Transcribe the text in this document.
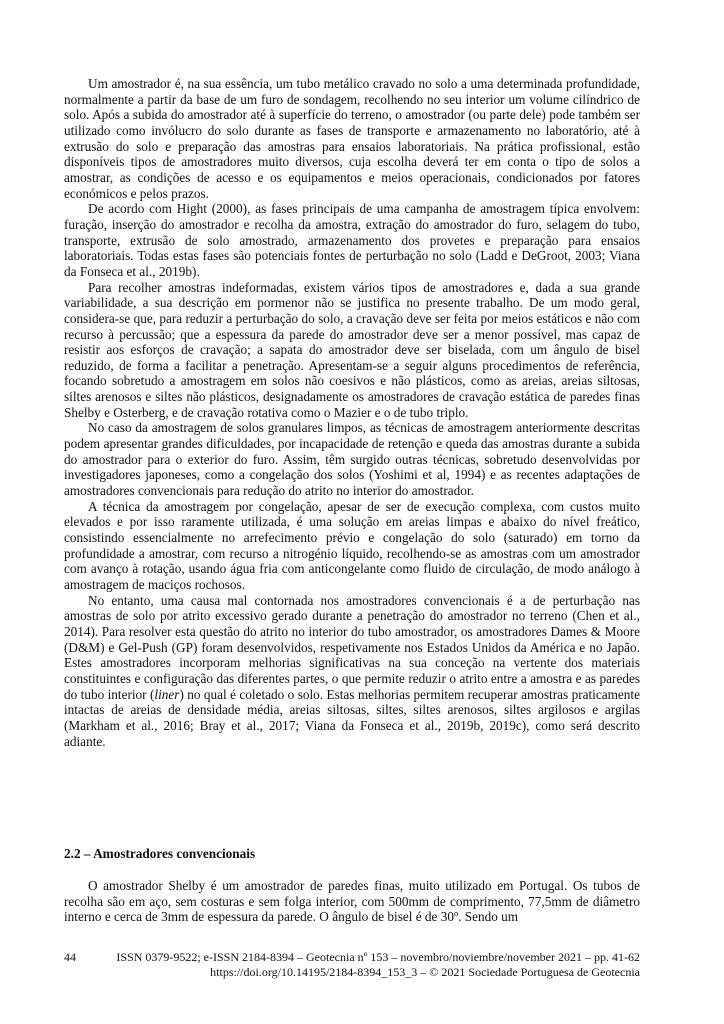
Um amostrador é, na sua essência, um tubo metálico cravado no solo a uma determinada profundidade, normalmente a partir da base de um furo de sondagem, recolhendo no seu interior um volume cilíndrico de solo. Após a subida do amostrador até à superfície do terreno, o amostrador (ou parte dele) pode também ser utilizado como invólucro do solo durante as fases de transporte e armazenamento no laboratório, até à extrusão do solo e preparação das amostras para ensaios laboratoriais. Na prática profissional, estão disponíveis tipos de amostradores muito diversos, cuja escolha deverá ter em conta o tipo de solos a amostrar, as condições de acesso e os equipamentos e meios operacionais, condicionados por fatores económicos e pelos prazos.

De acordo com Hight (2000), as fases principais de uma campanha de amostragem típica envolvem: furação, inserção do amostrador e recolha da amostra, extração do amostrador do furo, selagem do tubo, transporte, extrusão de solo amostrado, armazenamento dos provetes e preparação para ensaios laboratoriais. Todas estas fases são potenciais fontes de perturbação no solo (Ladd e DeGroot, 2003; Viana da Fonseca et al., 2019b).

Para recolher amostras indeformadas, existem vários tipos de amostradores e, dada a sua grande variabilidade, a sua descrição em pormenor não se justifica no presente trabalho. De um modo geral, considera-se que, para reduzir a perturbação do solo, a cravação deve ser feita por meios estáticos e não com recurso à percussão; que a espessura da parede do amostrador deve ser a menor possível, mas capaz de resistir aos esforços de cravação; a sapata do amostrador deve ser biselada, com um ângulo de bisel reduzido, de forma a facilitar a penetração. Apresentam-se a seguir alguns procedimentos de referência, focando sobretudo a amostragem em solos não coesivos e não plásticos, como as areias, areias siltosas, siltes arenosos e siltes não plásticos, designadamente os amostradores de cravação estática de paredes finas Shelby e Osterberg, e de cravação rotativa como o Mazier e o de tubo triplo.

No caso da amostragem de solos granulares limpos, as técnicas de amostragem anteriormente descritas podem apresentar grandes dificuldades, por incapacidade de retenção e queda das amostras durante a subida do amostrador para o exterior do furo. Assim, têm surgido outras técnicas, sobretudo desenvolvidas por investigadores japoneses, como a congelação dos solos (Yoshimi et al, 1994) e as recentes adaptações de amostradores convencionais para redução do atrito no interior do amostrador.

A técnica da amostragem por congelação, apesar de ser de execução complexa, com custos muito elevados e por isso raramente utilizada, é uma solução em areias limpas e abaixo do nível freático, consistindo essencialmente no arrefecimento prévio e congelação do solo (saturado) em torno da profundidade a amostrar, com recurso a nitrogénio líquido, recolhendo-se as amostras com um amostrador com avanço à rotação, usando água fria com anticongelante como fluido de circulação, de modo análogo à amostragem de maciços rochosos.

No entanto, uma causa mal contornada nos amostradores convencionais é a de perturbação nas amostras de solo por atrito excessivo gerado durante a penetração do amostrador no terreno (Chen et al., 2014). Para resolver esta questão do atrito no interior do tubo amostrador, os amostradores Dames & Moore (D&M) e Gel-Push (GP) foram desenvolvidos, respetivamente nos Estados Unidos da América e no Japão. Estes amostradores incorporam melhorias significativas na sua conceção na vertente dos materiais constituintes e configuração das diferentes partes, o que permite reduzir o atrito entre a amostra e as paredes do tubo interior (liner) no qual é coletado o solo. Estas melhorias permitem recuperar amostras praticamente intactas de areias de densidade média, areias siltosas, siltes, siltes arenosos, siltes argilosos e argilas (Markham et al., 2016; Bray et al., 2017; Viana da Fonseca et al., 2019b, 2019c), como será descrito adiante.

2.2 – Amostradores convencionais

O amostrador Shelby é um amostrador de paredes finas, muito utilizado em Portugal. Os tubos de recolha são em aço, sem costuras e sem folga interior, com 500mm de comprimento, 77,5mm de diâmetro interno e cerca de 3mm de espessura da parede. O ângulo de bisel é de 30º. Sendo um

44	ISSN 0379-9522; e-ISSN 2184-8394 – Geotecnia nº 153 – novembro/noviembre/november 2021 – pp. 41-62
https://doi.org/10.14195/2184-8394_153_3 – © 2021 Sociedade Portuguesa de Geotecnia
